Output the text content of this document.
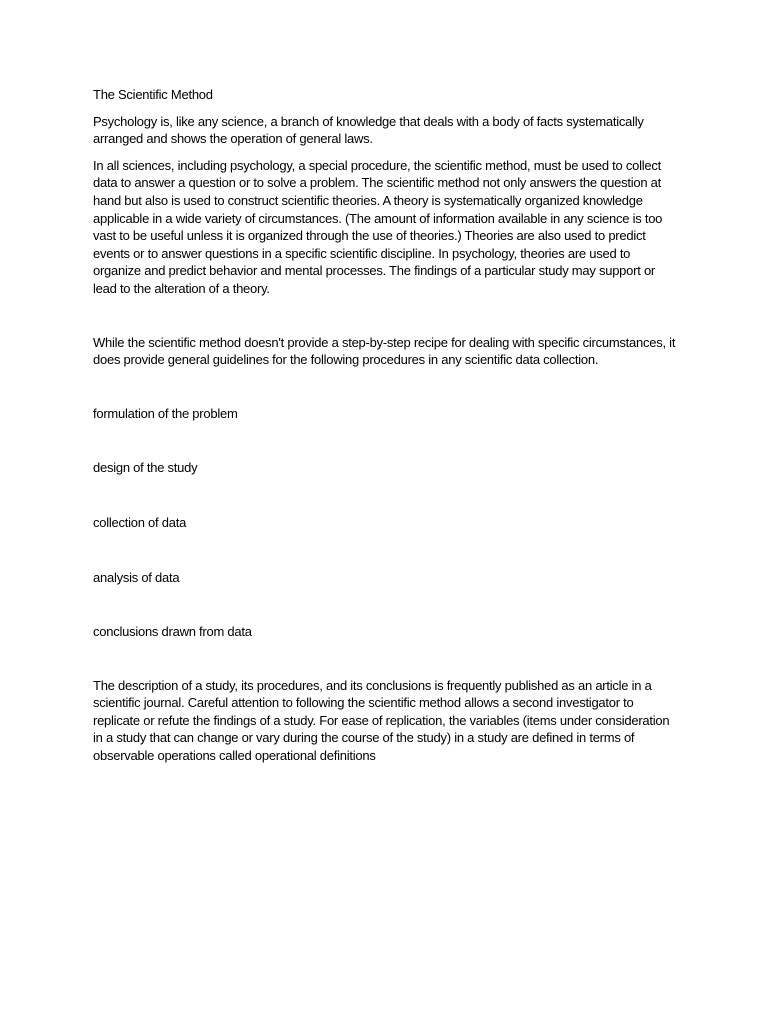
The Scientific Method

Psychology is, like any science, a branch of knowledge that deals with a body of facts systematically arranged and shows the operation of general laws.

In all sciences, including psychology, a special procedure, the scientific method, must be used to collect data to answer a question or to solve a problem. The scientific method not only answers the question at hand but also is used to construct scientific theories. A theory is systematically organized knowledge applicable in a wide variety of circumstances. (The amount of information available in any science is too vast to be useful unless it is organized through the use of theories.) Theories are also used to predict events or to answer questions in a specific scientific discipline. In psychology, theories are used to organize and predict behavior and mental processes. The findings of a particular study may support or lead to the alteration of a theory.

While the scientific method doesn't provide a step-by-step recipe for dealing with specific circumstances, it does provide general guidelines for the following procedures in any scientific data collection.

formulation of the problem

design of the study

collection of data

analysis of data

conclusions drawn from data

The description of a study, its procedures, and its conclusions is frequently published as an article in a scientific journal. Careful attention to following the scientific method allows a second investigator to replicate or refute the findings of a study. For ease of replication, the variables (items under consideration in a study that can change or vary during the course of the study) in a study are defined in terms of observable operations called operational definitions
